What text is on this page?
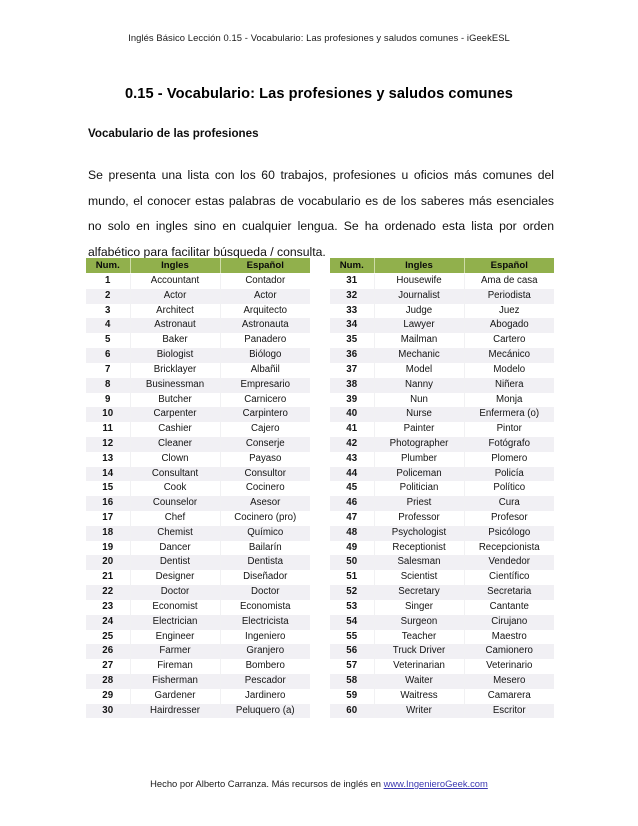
Inglés Básico Lección 0.15 - Vocabulario: Las profesiones y saludos comunes - iGeekESL
0.15 - Vocabulario: Las profesiones y saludos comunes
Vocabulario de las profesiones

Se presenta una lista con los 60 trabajos, profesiones u oficios más comunes del mundo, el conocer estas palabras de vocabulario es de los saberes más esenciales no solo en ingles sino en cualquier lengua. Se ha ordenado esta lista por orden alfabético para facilitar búsqueda / consulta.

Num.	Ingles	Español
1	Accountant	Contador
2	Actor	Actor
3	Architect	Arquitecto
4	Astronaut	Astronauta
5	Baker	Panadero
6	Biologist	Biólogo
7	Bricklayer	Albañil
8	Businessman	Empresario
9	Butcher	Carnicero
10	Carpenter	Carpintero
11	Cashier	Cajero
12	Cleaner	Conserje
13	Clown	Payaso
14	Consultant	Consultor
15	Cook	Cocinero
16	Counselor	Asesor
17	Chef	Cocinero (pro)
18	Chemist	Químico
19	Dancer	Bailarín
20	Dentist	Dentista
21	Designer	Diseñador
22	Doctor	Doctor
23	Economist	Economista
24	Electrician	Electricista
25	Engineer	Ingeniero
26	Farmer	Granjero
27	Fireman	Bombero
28	Fisherman	Pescador
29	Gardener	Jardinero
30	Hairdresser	Peluquero (a)
Num.	Ingles	Español
31	Housewife	Ama de casa
32	Journalist	Periodista
33	Judge	Juez
34	Lawyer	Abogado
35	Mailman	Cartero
36	Mechanic	Mecánico
37	Model	Modelo
38	Nanny	Niñera
39	Nun	Monja
40	Nurse	Enfermera (o)
41	Painter	Pintor
42	Photographer	Fotógrafo
43	Plumber	Plomero
44	Policeman	Policía
45	Politician	Político
46	Priest	Cura
47	Professor	Profesor
48	Psychologist	Psicólogo
49	Receptionist	Recepcionista
50	Salesman	Vendedor
51	Scientist	Científico
52	Secretary	Secretaria
53	Singer	Cantante
54	Surgeon	Cirujano
55	Teacher	Maestro
56	Truck Driver	Camionero
57	Veterinarian	Veterinario
58	Waiter	Mesero
59	Waitress	Camarera
60	Writer	Escritor
Hecho por Alberto Carranza. Más recursos de inglés en www.IngenieroGeek.com
